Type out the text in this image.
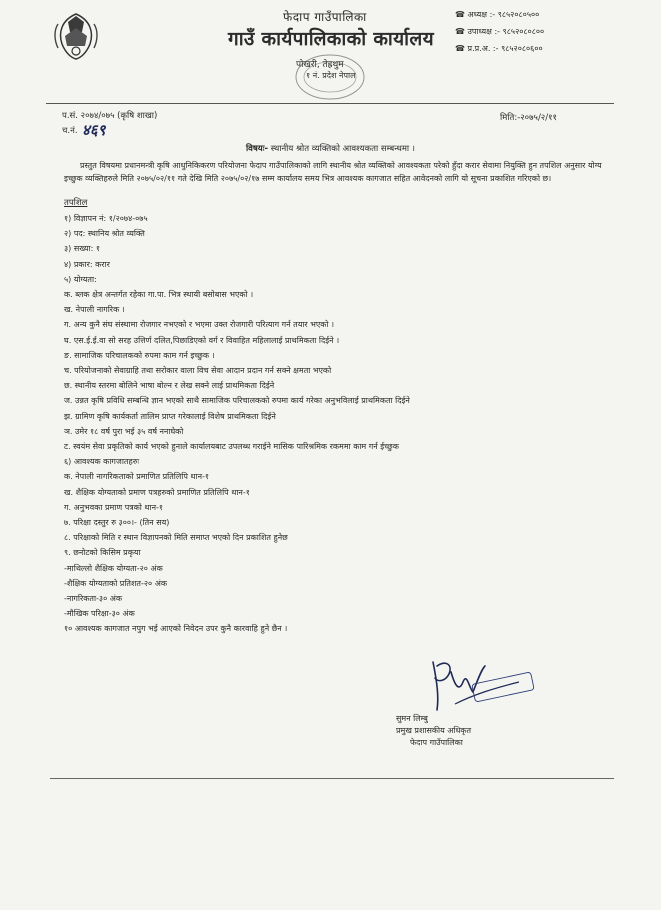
फेदाप गाउँपालिका
गाउँ कार्यपालिकाको कार्यालय
पोखरी, तेह्रथुम
१ नं. प्रदेश नेपाल
☎ अध्यक्ष :- ९८५२०८०५००
☎ उपाध्यक्ष :- ९८५२०८०८००
☎ प्र.प्र.अ. :- ९८५२०८०६००
प.सं. २०७४/०७५ (कृषि शाखा)
च.नं. ४६९
मिति:-२०७५/२/११
विषयः- स्थानीय श्रोत व्यक्तिको आवश्यकता सम्बन्धमा ।
प्रस्तुत विषयमा प्रधानमन्त्री कृषि आधुनिकिकरण परियोजना फेदाप गाउँपालिकाको लागि स्थानीय श्रोत व्यक्तिको आवश्यकता परेको हुँदा करार सेवामा नियुक्ति हुन तपशिल अनुसार योग्य इच्छुक व्यक्तिहरुले मिति २०७५/०२/११ गते देखि मिति २०७५/०२/१७ सम्म कार्यालय समय भित्र आवश्यक कागजात सहित आवेदनको लागि यो सूचना प्रकाशित गरिएको छ।
तपशिल
१) विज्ञापन नं: १/२०७४-०७५
२) पद: स्थानिय श्रोत व्यक्ति
३) सख्या: १
४) प्रकार: करार
५) योग्यता:
क. ब्लक क्षेत्र अन्तर्गत रहेका गा.पा. भित्र स्थायी बसोबास भएको ।
ख. नेपाली नागरिक ।
ग. अन्य कुनै संघ संस्थामा रोजगार नभएको र भएमा उक्त रोजगारी परित्याग गर्न तयार भएको ।
घ. एस.ई.ई.वा सो सरह उत्तिर्ण दलित,पिछाडिएको वर्ग र विवाहित महिलालाई प्राथमिकता दिईने ।
ङ. सामाजिक परिचालकको रुपमा काम गर्न इच्छुक ।
च. परियोजनाको सेवाग्राहि तथा सरोकार वाला विच सेवा आदान प्रदान गर्न सक्ने क्षमता भएको
छ. स्थानीय स्तरमा बोलिने भाषा बोल्न र लेख सक्ने लाई प्राथमिकता दिईने
ज. उन्नत कृषि प्रविधि सम्बन्धि ज्ञान भएको साथै सामाजिक परिचालकको रुपमा कार्य गरेका अनुभविलाई प्राथमिकता दिईने
झ. ग्रामिण कृषि कार्यकर्ता तालिम प्राप्त गरेकालाई विशेष प्राथमिकता दिईने
ञ. उमेर १८ वर्ष पुरा भई ३५ वर्ष ननाघेको
ट. स्वयंम सेवा प्रकृतिको कार्य भएको हुनाले कार्यालयबाट उपलब्ध गराईने मासिक पारिश्रमिक रकममा काम गर्न ईच्छुक
६) आवश्यक कागजातहरुः
क. नेपाली नागरिकताको प्रमाणित प्रतिलिपि थान-१
ख. शैक्षिक योग्यताको प्रमाण पत्रहरुको प्रमाणित प्रतिलिपि थान-१
ग. अनुभवका प्रमाण पत्रको थान-१
७. परिक्षा दस्तुर रु ३००।- (तिन सय)
८. परिक्षाको मिति र स्थान विज्ञापनको मिति समाप्त भएको दिन प्रकाशित हुनेछ
९. छनोटको किसिम प्रकृया
-माथिल्लो शैक्षिक योग्यता-२० अंक
-शैक्षिक योग्यताको प्रतिशत-२० अंक
-नागरिकता-३० अंक
-मौखिक परिक्षा-३० अंक
१० आवश्यक कागजात नपुग भई आएको निवेदन उपर कुनै कारवाहि हुने छैन ।
सुमन लिम्बु
प्रमुख प्रशासकीय अधिकृत
फेदाप गाउँपालिका
